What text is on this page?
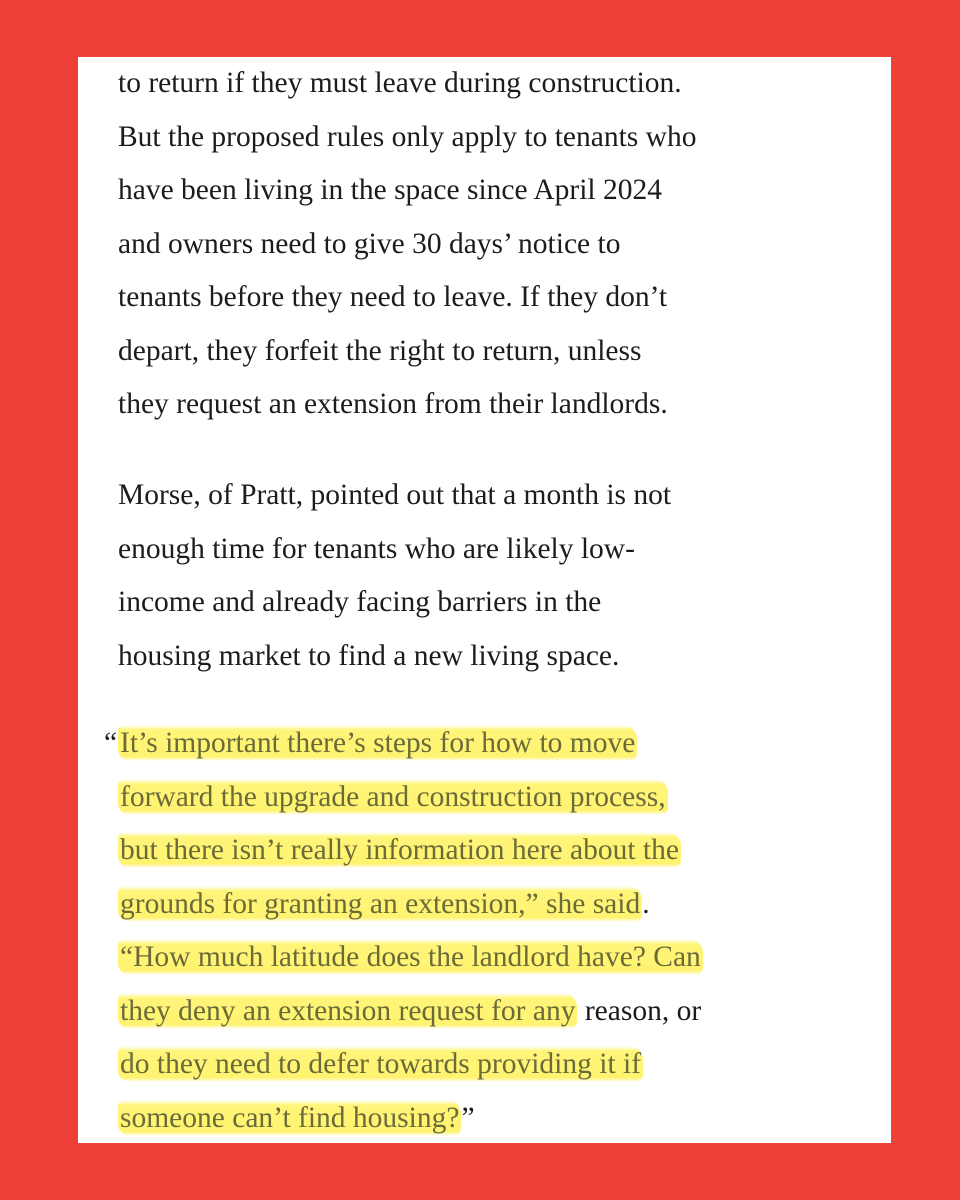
to return if they must leave during construction.
But the proposed rules only apply to tenants who
have been living in the space since April 2024
and owners need to give 30 days’ notice to
tenants before they need to leave. If they don’t
depart, they forfeit the right to return, unless
they request an extension from their landlords.
Morse, of Pratt, pointed out that a month is not
enough time for tenants who are likely low-
income and already facing barriers in the
housing market to find a new living space.
“ It’s important there’s steps for how to move
forward the upgrade and construction process,
but there isn’t really information here about the
grounds for granting an extension,” she said.
“How much latitude does the landlord have? Can
they deny an extension request for any reason, or
do they need to defer towards providing it if
someone can’t find housing?”
